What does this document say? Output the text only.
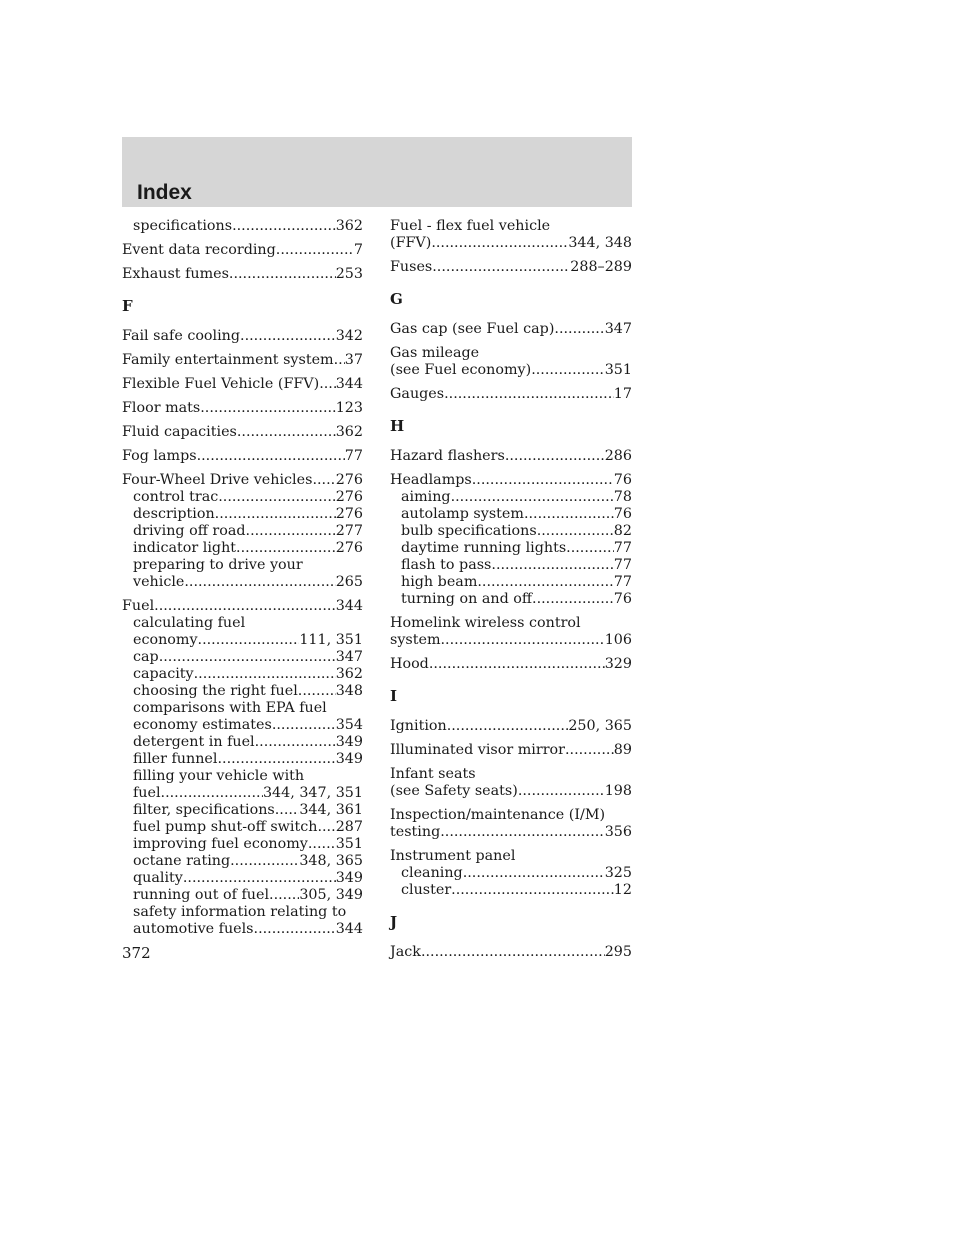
Index
specifications .....	362
Event data recording .....	7
Exhaust fumes .....	253
F
Fail safe cooling .....	342
Family entertainment system ..... 37
Flexible Fuel Vehicle (FFV) ..... 344
Floor mats .....	123
Fluid capacities .....	362
Fog lamps .....	77
Four-Wheel Drive vehicles ..... 276
control trac .....	276
description .....	276
driving off road .....	277
indicator light .....	276
preparing to drive your
vehicle .....	265
Fuel .....	344
calculating fuel
economy .....	111, 351
cap .....	347
capacity .....	362
choosing the right fuel .....	348
comparisons with EPA fuel
economy estimates .....	354
detergent in fuel .....	349
filler funnel .....	349
filling your vehicle with
fuel .....	344, 347, 351
filter, specifications ..... 344, 361
fuel pump shut-off switch ..... 287
improving fuel economy ..... 351
octane rating .....	348, 365
quality .....	349
running out of fuel ..... 305, 349
safety information relating to
automotive fuels .....	344
Fuel - flex fuel vehicle
(FFV) .....	344, 348
Fuses .....	288–289
G
Gas cap (see Fuel cap) .....	347
Gas mileage
(see Fuel economy) .....	351
Gauges .....	17
H
Hazard flashers .....	286
Headlamps .....	76
aiming .....	78
autolamp system .....	76
bulb specifications .....	82
daytime running lights .....	77
flash to pass .....	77
high beam .....	77
turning on and off .....	76
Homelink wireless control
system .....	106
Hood .....	329
I
Ignition .....	250, 365
Illuminated visor mirror .....	89
Infant seats
(see Safety seats) .....	198
Inspection/maintenance (I/M)
testing .....	356
Instrument panel
cleaning .....	325
cluster .....	12
J
Jack .....	295
372
